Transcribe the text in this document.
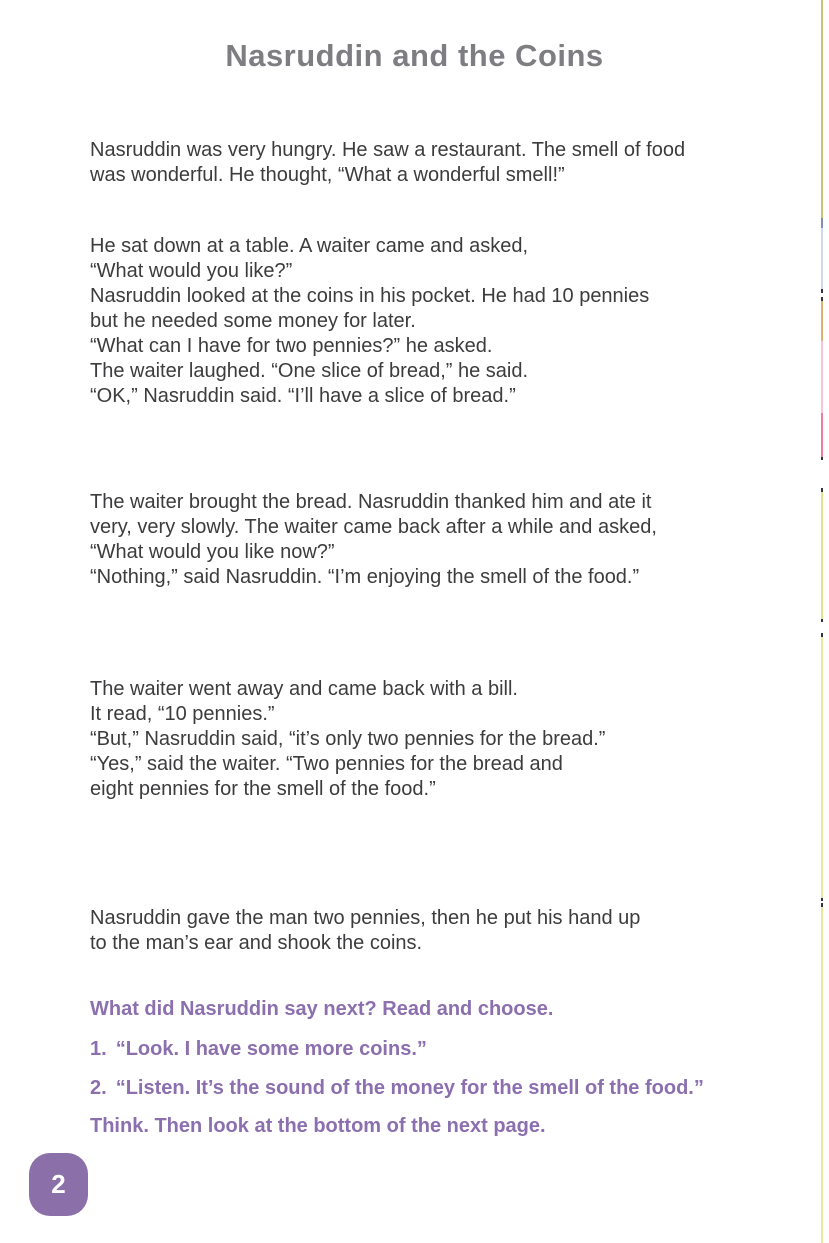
Nasruddin and the Coins
Nasruddin was very hungry. He saw a restaurant. The smell of food
was wonderful. He thought, “What a wonderful smell!”
He sat down at a table. A waiter came and asked,
“What would you like?”
Nasruddin looked at the coins in his pocket. He had 10 pennies
but he needed some money for later.
“What can I have for two pennies?” he asked.
The waiter laughed. “One slice of bread,” he said.
“OK,” Nasruddin said. “I’ll have a slice of bread.”
The waiter brought the bread. Nasruddin thanked him and ate it
very, very slowly. The waiter came back after a while and asked,
“What would you like now?”
“Nothing,” said Nasruddin. “I’m enjoying the smell of the food.”
The waiter went away and came back with a bill.
It read, “10 pennies.”
“But,” Nasruddin said, “it’s only two pennies for the bread.”
“Yes,” said the waiter. “Two pennies for the bread and
eight pennies for the smell of the food.”
Nasruddin gave the man two pennies, then he put his hand up
to the man’s ear and shook the coins.
What did Nasruddin say next? Read and choose.
1. “Look. I have some more coins.”
2. “Listen. It’s the sound of the money for the smell of the food.”
Think. Then look at the bottom of the next page.
2
